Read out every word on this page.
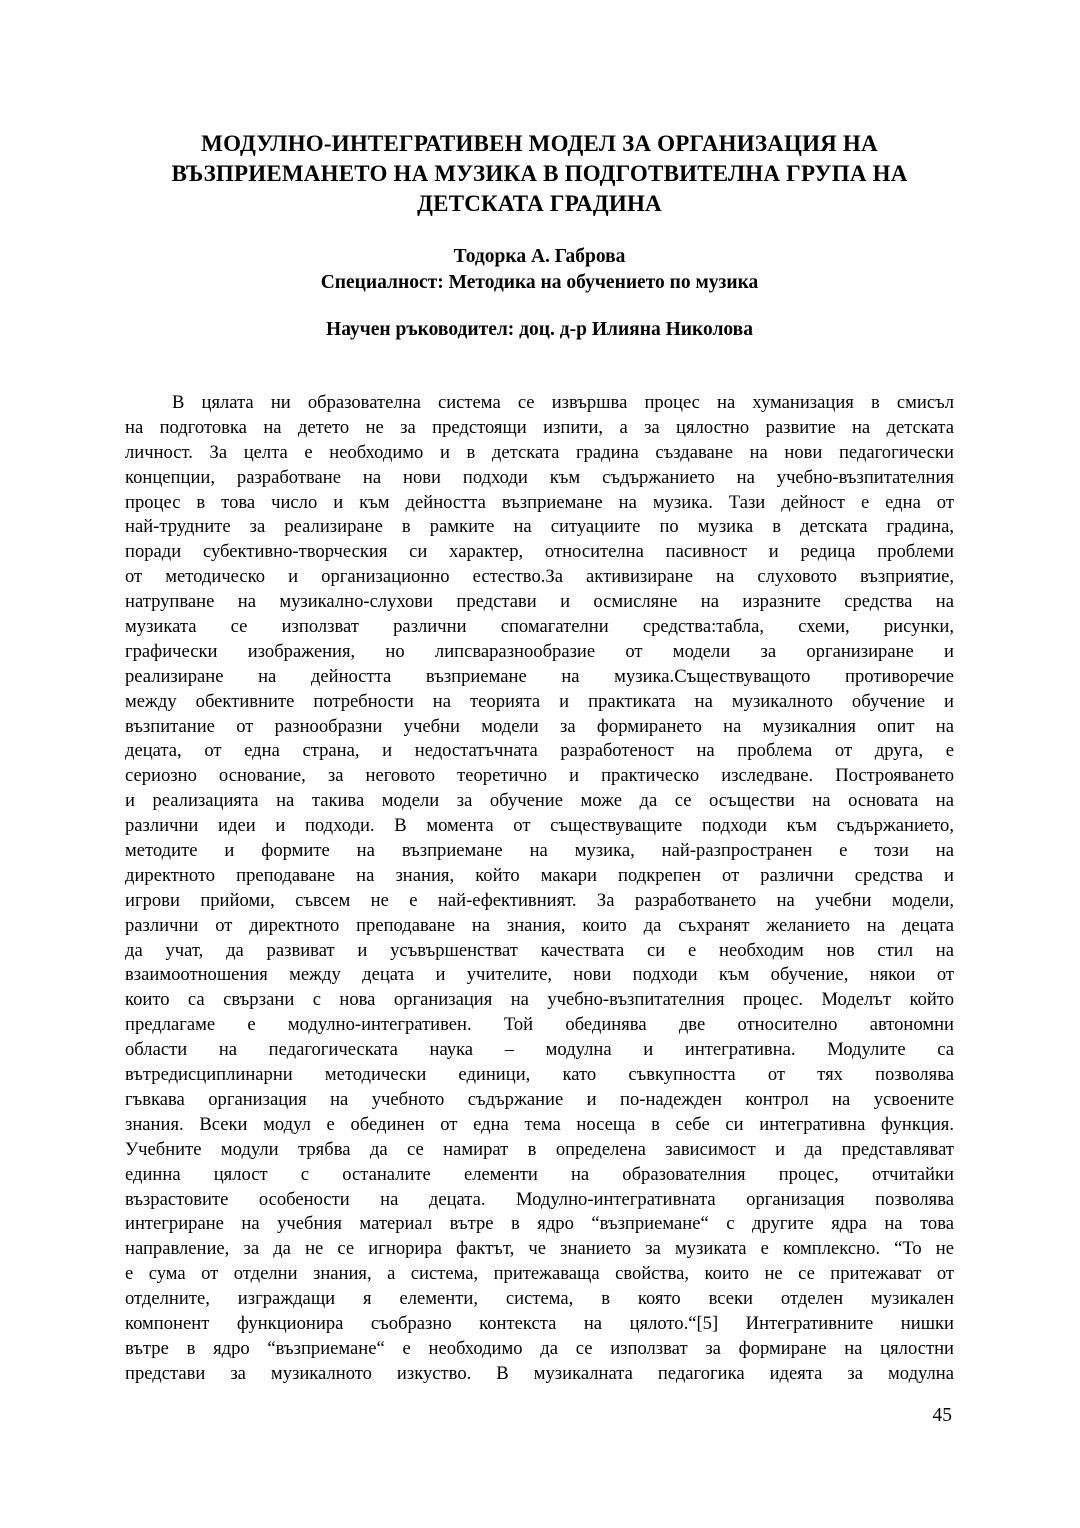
МОДУЛНО-ИНТЕГРАТИВЕН МОДЕЛ ЗА ОРГАНИЗАЦИЯ НА
ВЪЗПРИЕМАНЕТО НА МУЗИКА В ПОДГОТВИТЕЛНА ГРУПА НА
ДЕТСКАТА ГРАДИНА
Тодорка А. Габрова
Специалност: Методика на обучението по музика
Научен ръководител: доц. д-р Илияна Николова
В цялата ни образователна система се извършва процес на хуманизация в смисъл
на подготовка на детето не за предстоящи изпити, а за цялостно развитие на детската
личност. За целта е необходимо и в детската градина създаване на нови педагогически
концепции, разработване на нови подходи към съдържанието на учебно-възпитателния
процес в това число и към дейността възприемане на музика. Тази дейност е една от
най-трудните за реализиране в рамките на ситуациите по музика в детската градина,
поради субективно-творческия си характер, относителна пасивност и редица проблеми
от методическо и организационно естество.За активизиране на слуховото възприятие,
натрупване на музикално-слухови представи и осмисляне на изразните средства на
музиката се използват различни спомагателни средства:табла, схеми, рисунки,
графически изображения, но липсваразнообразие от модели за организиране и
реализиране на дейността възприемане на музика.Съществуващото противоречие
между обективните потребности на теорията и практиката на музикалното обучение и
възпитание от разнообразни учебни модели за формирането на музикалния опит на
децата, от една страна, и недостатъчната разработеност на проблема от друга, е
сериозно основание, за неговото теоретично и практическо изследване. Построяването
и реализацията на такива модели за обучение може да се осъществи на основата на
различни идеи и подходи. В момента от съществуващите подходи към съдържанието,
методите и формите на възприемане на музика, най-разпространен е този на
директното преподаване на знания, който макари подкрепен от различни средства и
игрови прийоми, съвсем не е най-ефективният. За разработването на учебни модели,
различни от директното преподаване на знания, които да съхранят желанието на децата
да учат, да развиват и усъвършенстват качествата си е необходим нов стил на
взаимоотношения между децата и учителите, нови подходи към обучение, някои от
които са свързани с нова организация на учебно-възпитателния процес. Моделът който
предлагаме е модулно-интегративен. Той обединява две относително автономни
области на педагогическата наука – модулна и интегративна. Модулите са
вътредисциплинарни методически единици, като съвкупността от тях позволява
гъвкава организация на учебното съдържание и по-надежден контрол на усвоените
знания. Всеки модул е обединен от една тема носеща в себе си интегративна функция.
Учебните модули трябва да се намират в определена зависимост и да представляват
единна цялост с останалите елементи на образователния процес, отчитайки
възрастовите особености на децата. Модулно-интегративната организация позволява
интегриране на учебния материал вътре в ядро “възприемане“ с другите ядра на това
направление, за да не се игнорира фактът, че знанието за музиката е комплексно. “То не
е сума от отделни знания, а система, притежаваща свойства, които не се притежават от
отделните, изграждащи я елементи, система, в която всеки отделен музикален
компонент функционира съобразно контекста на цялото.“[5] Интегративните нишки
вътре в ядро “възприемане“ е необходимо да се използват за формиране на цялостни
представи за музикалното изкуство. В музикалната педагогика идеята за модулна
45
